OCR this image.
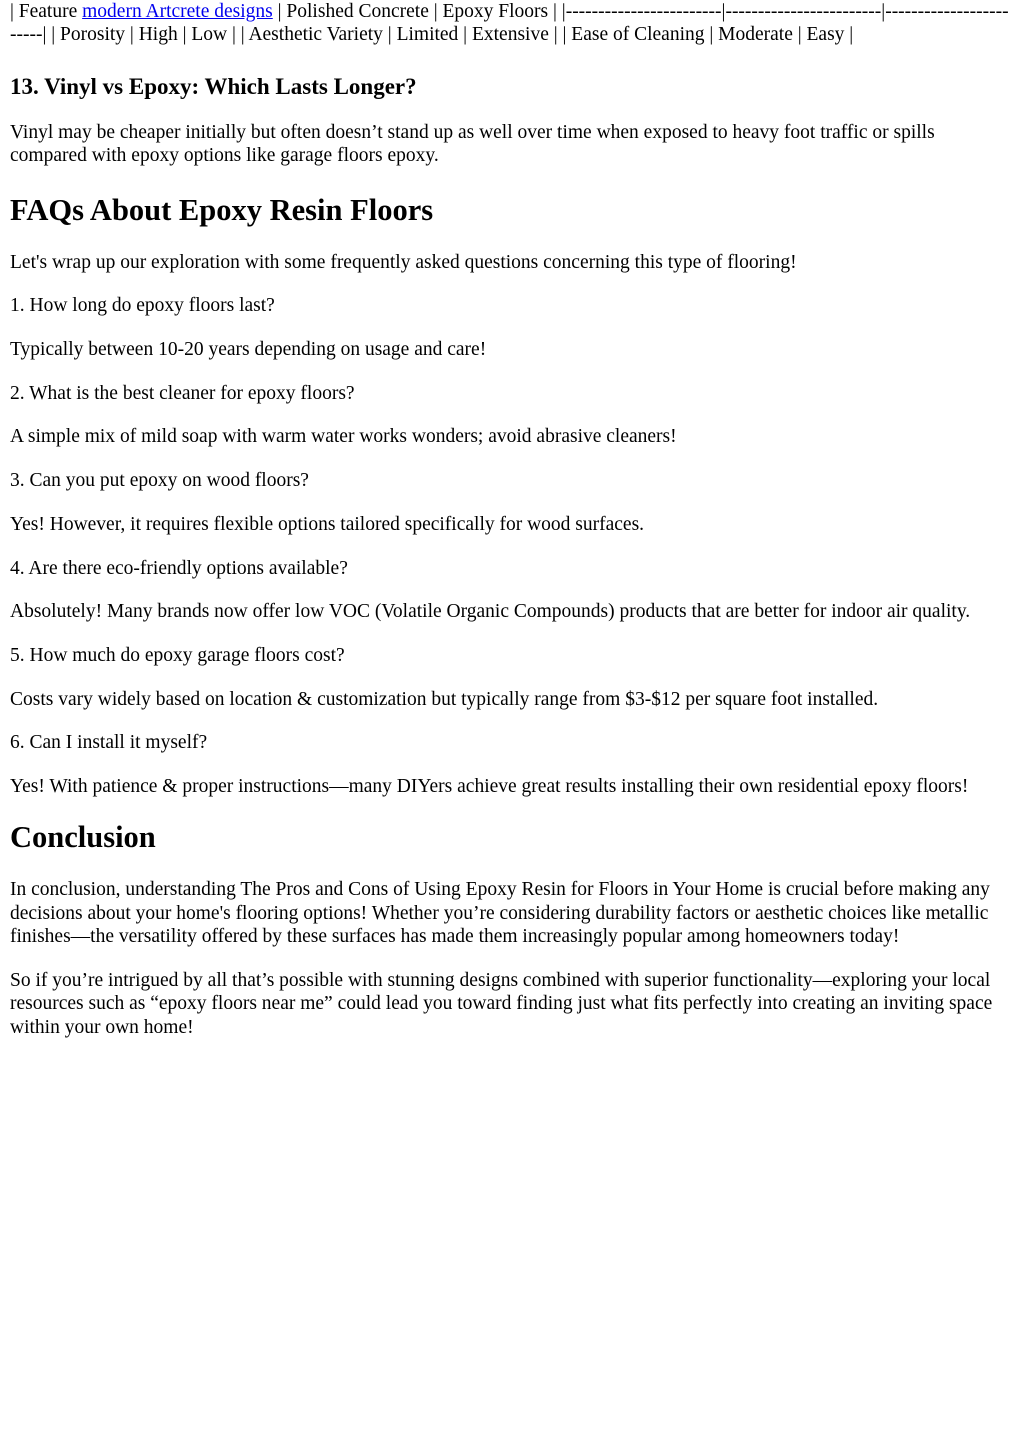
| Feature modern Artcrete designs | Polished Concrete | Epoxy Floors | |------------------------|------------------------|------------------------| | Porosity | High | Low | | Aesthetic Variety | Limited | Extensive | | Ease of Cleaning | Moderate | Easy |

13. Vinyl vs Epoxy: Which Lasts Longer?

Vinyl may be cheaper initially but often doesn’t stand up as well over time when exposed to heavy foot traffic or spills compared with epoxy options like garage floors epoxy.

FAQs About Epoxy Resin Floors

Let's wrap up our exploration with some frequently asked questions concerning this type of flooring!

1. How long do epoxy floors last?

Typically between 10-20 years depending on usage and care!

2. What is the best cleaner for epoxy floors?

A simple mix of mild soap with warm water works wonders; avoid abrasive cleaners!

3. Can you put epoxy on wood floors?

Yes! However, it requires flexible options tailored specifically for wood surfaces.

4. Are there eco-friendly options available?

Absolutely! Many brands now offer low VOC (Volatile Organic Compounds) products that are better for indoor air quality.

5. How much do epoxy garage floors cost?

Costs vary widely based on location & customization but typically range from $3-$12 per square foot installed.

6. Can I install it myself?

Yes! With patience & proper instructions—many DIYers achieve great results installing their own residential epoxy floors!

Conclusion

In conclusion, understanding The Pros and Cons of Using Epoxy Resin for Floors in Your Home is crucial before making any decisions about your home's flooring options! Whether you’re considering durability factors or aesthetic choices like metallic finishes—the versatility offered by these surfaces has made them increasingly popular among homeowners today!

So if you’re intrigued by all that’s possible with stunning designs combined with superior functionality—exploring your local resources such as “epoxy floors near me” could lead you toward finding just what fits perfectly into creating an inviting space within your own home!
